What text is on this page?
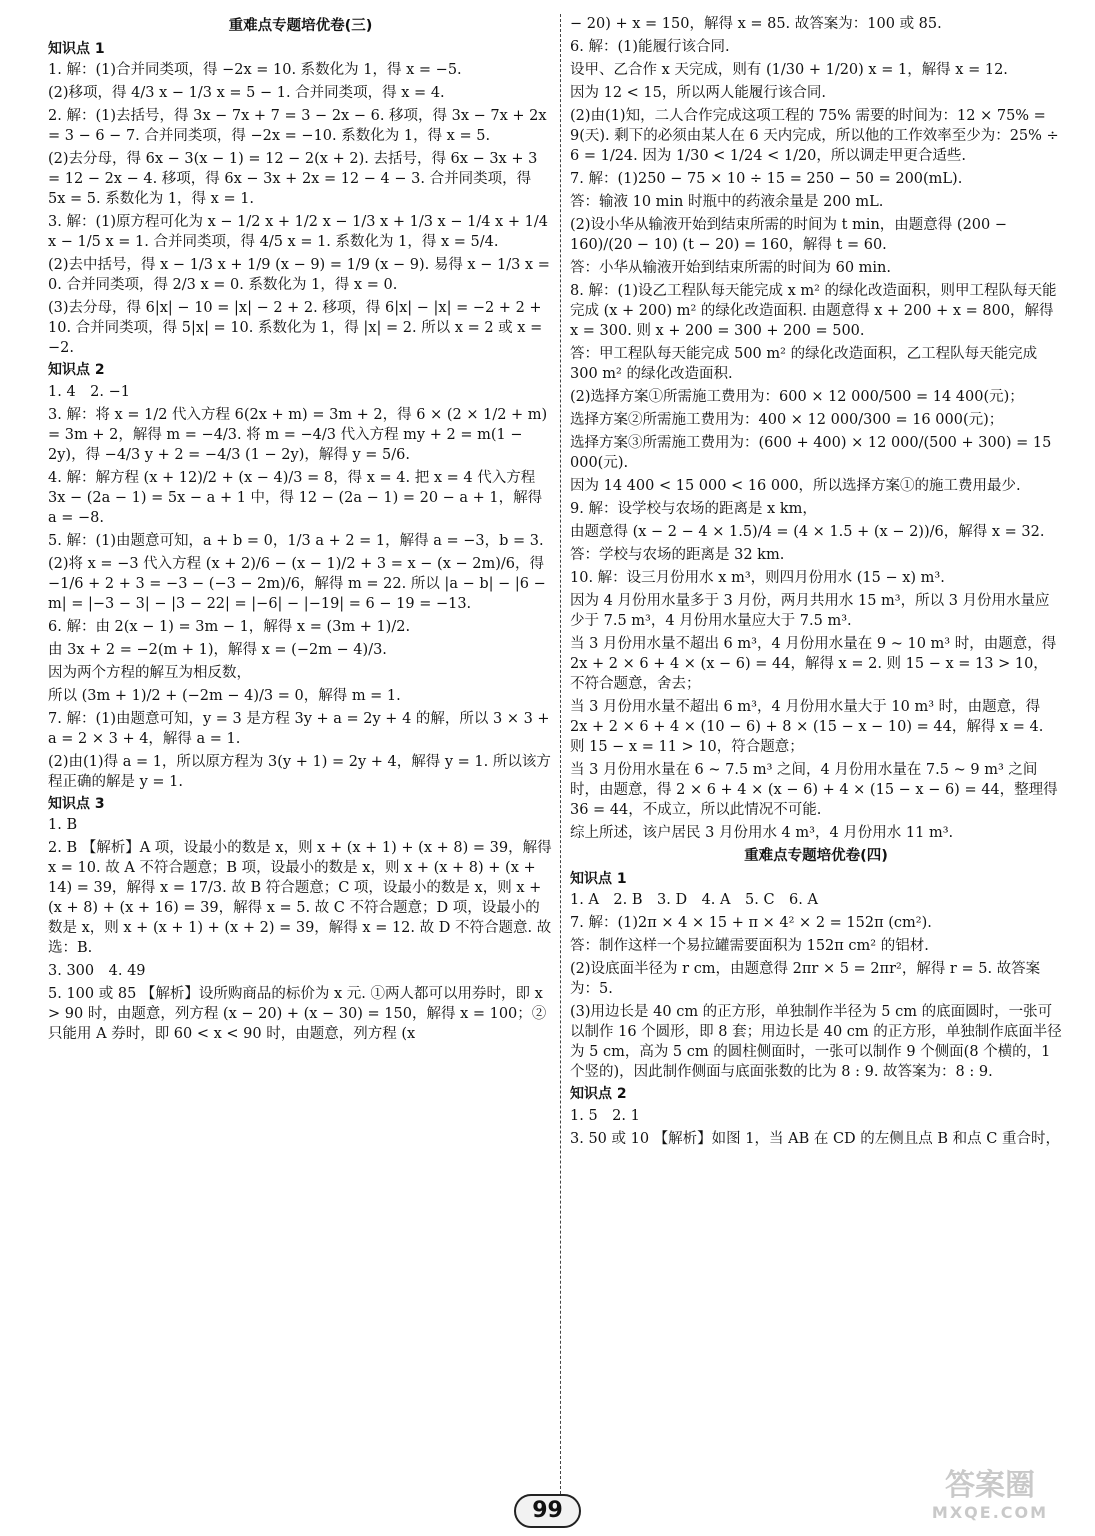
重难点专题培优卷(三)
知识点 1
1. 解：(1)合并同类项，得 −2x = 10. 系数化为 1，得 x = −5.
(2)移项，得 4/3 x − 1/3 x = 5 − 1. 合并同类项，得 x = 4.
2. 解：(1)去括号，得 3x − 7x + 7 = 3 − 2x − 6. 移项，得 3x − 7x + 2x = 3 − 6 − 7. 合并同类项，得 −2x = −10. 系数化为 1，得 x = 5.
(2)去分母，得 6x − 3(x − 1) = 12 − 2(x + 2). 去括号，得 6x − 3x + 3 = 12 − 2x − 4. 移项，得 6x − 3x + 2x = 12 − 4 − 3. 合并同类项，得 5x = 5. 系数化为 1，得 x = 1.
3. 解：(1)原方程可化为 x − 1/2 x + 1/2 x − 1/3 x + 1/3 x − 1/4 x + 1/4 x − 1/5 x = 1. 合并同类项，得 4/5 x = 1. 系数化为 1，得 x = 5/4.
(2)去中括号，得 x − 1/3 x + 1/9 (x − 9) = 1/9 (x − 9). 易得 x − 1/3 x = 0. 合并同类项，得 2/3 x = 0. 系数化为 1，得 x = 0.
(3)去分母，得 6|x| − 10 = |x| − 2 + 2. 移项，得 6|x| − |x| = −2 + 2 + 10. 合并同类项，得 5|x| = 10. 系数化为 1，得 |x| = 2. 所以 x = 2 或 x = −2.
知识点 2
1. 4　2. −1
3. 解：将 x = 1/2 代入方程 6(2x + m) = 3m + 2，得 6 × (2 × 1/2 + m) = 3m + 2，解得 m = −4/3. 将 m = −4/3 代入方程 my + 2 = m(1 − 2y)，得 −4/3 y + 2 = −4/3 (1 − 2y)，解得 y = 5/6.
4. 解：解方程 (x + 12)/2 + (x − 4)/3 = 8，得 x = 4. 把 x = 4 代入方程 3x − (2a − 1) = 5x − a + 1 中，得 12 − (2a − 1) = 20 − a + 1，解得 a = −8.
5. 解：(1)由题意可知，a + b = 0，1/3 a + 2 = 1，解得 a = −3，b = 3.
(2)将 x = −3 代入方程 (x + 2)/6 − (x − 1)/2 + 3 = x − (x − 2m)/6，得 −1/6 + 2 + 3 = −3 − (−3 − 2m)/6，解得 m = 22. 所以 |a − b| − |6 − m| = |−3 − 3| − |3 − 22| = |−6| − |−19| = 6 − 19 = −13.
6. 解：由 2(x − 1) = 3m − 1，解得 x = (3m + 1)/2.
由 3x + 2 = −2(m + 1)，解得 x = (−2m − 4)/3.
因为两个方程的解互为相反数，
所以 (3m + 1)/2 + (−2m − 4)/3 = 0，解得 m = 1.
7. 解：(1)由题意可知，y = 3 是方程 3y + a = 2y + 4 的解，所以 3 × 3 + a = 2 × 3 + 4，解得 a = 1.
(2)由(1)得 a = 1，所以原方程为 3(y + 1) = 2y + 4，解得 y = 1. 所以该方程正确的解是 y = 1.
知识点 3
1. B
2. B 【解析】A 项，设最小的数是 x，则 x + (x + 1) + (x + 8) = 39，解得 x = 10. 故 A 不符合题意；B 项，设最小的数是 x，则 x + (x + 8) + (x + 14) = 39，解得 x = 17/3. 故 B 符合题意；C 项，设最小的数是 x，则 x + (x + 8) + (x + 16) = 39，解得 x = 5. 故 C 不符合题意；D 项，设最小的数是 x，则 x + (x + 1) + (x + 2) = 39，解得 x = 12. 故 D 不符合题意. 故选：B.
3. 300　4. 49
5. 100 或 85 【解析】设所购商品的标价为 x 元. ①两人都可以用券时，即 x > 90 时，由题意，列方程 (x − 20) + (x − 30) = 150，解得 x = 100；②只能用 A 券时，即 60 < x < 90 时，由题意，列方程 (x
− 20) + x = 150，解得 x = 85. 故答案为：100 或 85.
6. 解：(1)能履行该合同.
设甲、乙合作 x 天完成，则有 (1/30 + 1/20) x = 1，解得 x = 12.
因为 12 < 15，所以两人能履行该合同.
(2)由(1)知，二人合作完成这项工程的 75% 需要的时间为：12 × 75% = 9(天). 剩下的必须由某人在 6 天内完成，所以他的工作效率至少为：25% ÷ 6 = 1/24. 因为 1/30 < 1/24 < 1/20，所以调走甲更合适些.
7. 解：(1)250 − 75 × 10 ÷ 15 = 250 − 50 = 200(mL).
答：输液 10 min 时瓶中的药液余量是 200 mL.
(2)设小华从输液开始到结束所需的时间为 t min，由题意得 (200 − 160)/(20 − 10) (t − 20) = 160，解得 t = 60.
答：小华从输液开始到结束所需的时间为 60 min.
8. 解：(1)设乙工程队每天能完成 x m² 的绿化改造面积，则甲工程队每天能完成 (x + 200) m² 的绿化改造面积. 由题意得 x + 200 + x = 800，解得 x = 300. 则 x + 200 = 300 + 200 = 500.
答：甲工程队每天能完成 500 m² 的绿化改造面积，乙工程队每天能完成 300 m² 的绿化改造面积.
(2)选择方案①所需施工费用为：600 × 12 000/500 = 14 400(元)；
选择方案②所需施工费用为：400 × 12 000/300 = 16 000(元)；
选择方案③所需施工费用为：(600 + 400) × 12 000/(500 + 300) = 15 000(元).
因为 14 400 < 15 000 < 16 000，所以选择方案①的施工费用最少.
9. 解：设学校与农场的距离是 x km，
由题意得 (x − 2 − 4 × 1.5)/4 = (4 × 1.5 + (x − 2))/6，解得 x = 32.
答：学校与农场的距离是 32 km.
10. 解：设三月份用水 x m³，则四月份用水 (15 − x) m³.
因为 4 月份用水量多于 3 月份，两月共用水 15 m³，所以 3 月份用水量应少于 7.5 m³，4 月份用水量应大于 7.5 m³.
当 3 月份用水量不超出 6 m³，4 月份用水量在 9 ~ 10 m³ 时，由题意，得 2x + 2 × 6 + 4 × (x − 6) = 44，解得 x = 2. 则 15 − x = 13 > 10，不符合题意，舍去；
当 3 月份用水量不超出 6 m³，4 月份用水量大于 10 m³ 时，由题意，得 2x + 2 × 6 + 4 × (10 − 6) + 8 × (15 − x − 10) = 44，解得 x = 4. 则 15 − x = 11 > 10，符合题意；
当 3 月份用水量在 6 ~ 7.5 m³ 之间，4 月份用水量在 7.5 ~ 9 m³ 之间时，由题意，得 2 × 6 + 4 × (x − 6) + 4 × (15 − x − 6) = 44，整理得 36 = 44，不成立，所以此情况不可能.
综上所述，该户居民 3 月份用水 4 m³，4 月份用水 11 m³.
重难点专题培优卷(四)
知识点 1
1. A　2. B　3. D　4. A　5. C　6. A
7. 解：(1)2π × 4 × 15 + π × 4² × 2 = 152π (cm²).
答：制作这样一个易拉罐需要面积为 152π cm² 的铝材.
(2)设底面半径为 r cm，由题意得 2πr × 5 = 2πr²，解得 r = 5. 故答案为：5.
(3)用边长是 40 cm 的正方形，单独制作半径为 5 cm 的底面圆时，一张可以制作 16 个圆形，即 8 套；用边长是 40 cm 的正方形，单独制作底面半径为 5 cm，高为 5 cm 的圆柱侧面时，一张可以制作 9 个侧面(8 个横的，1 个竖的)，因此制作侧面与底面张数的比为 8 : 9. 故答案为：8 : 9.
知识点 2
1. 5　2. 1
3. 50 或 10 【解析】如图 1，当 AB 在 CD 的左侧且点 B 和点 C 重合时，
99
答案圈
MXQE.COM
